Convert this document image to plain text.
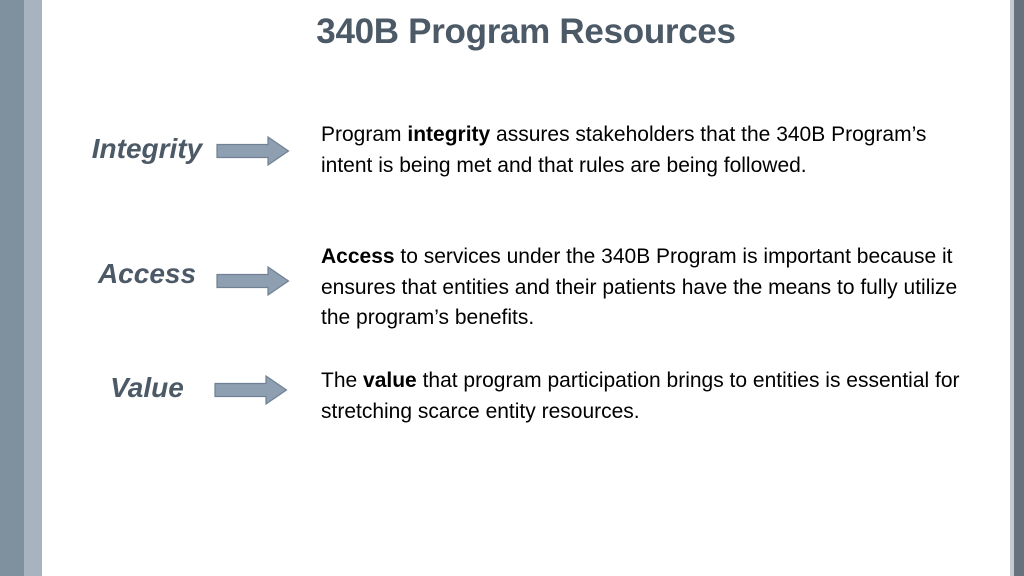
340B Program Resources

Integrity	Program integrity assures stakeholders that the 340B Program’s intent is being met and that rules are being followed.

Access

Access to services under the 340B Program is important because it ensures that entities and their patients have the means to fully utilize the program’s benefits.

Value	The value that program participation brings to entities is essential for stretching scarce entity resources.
